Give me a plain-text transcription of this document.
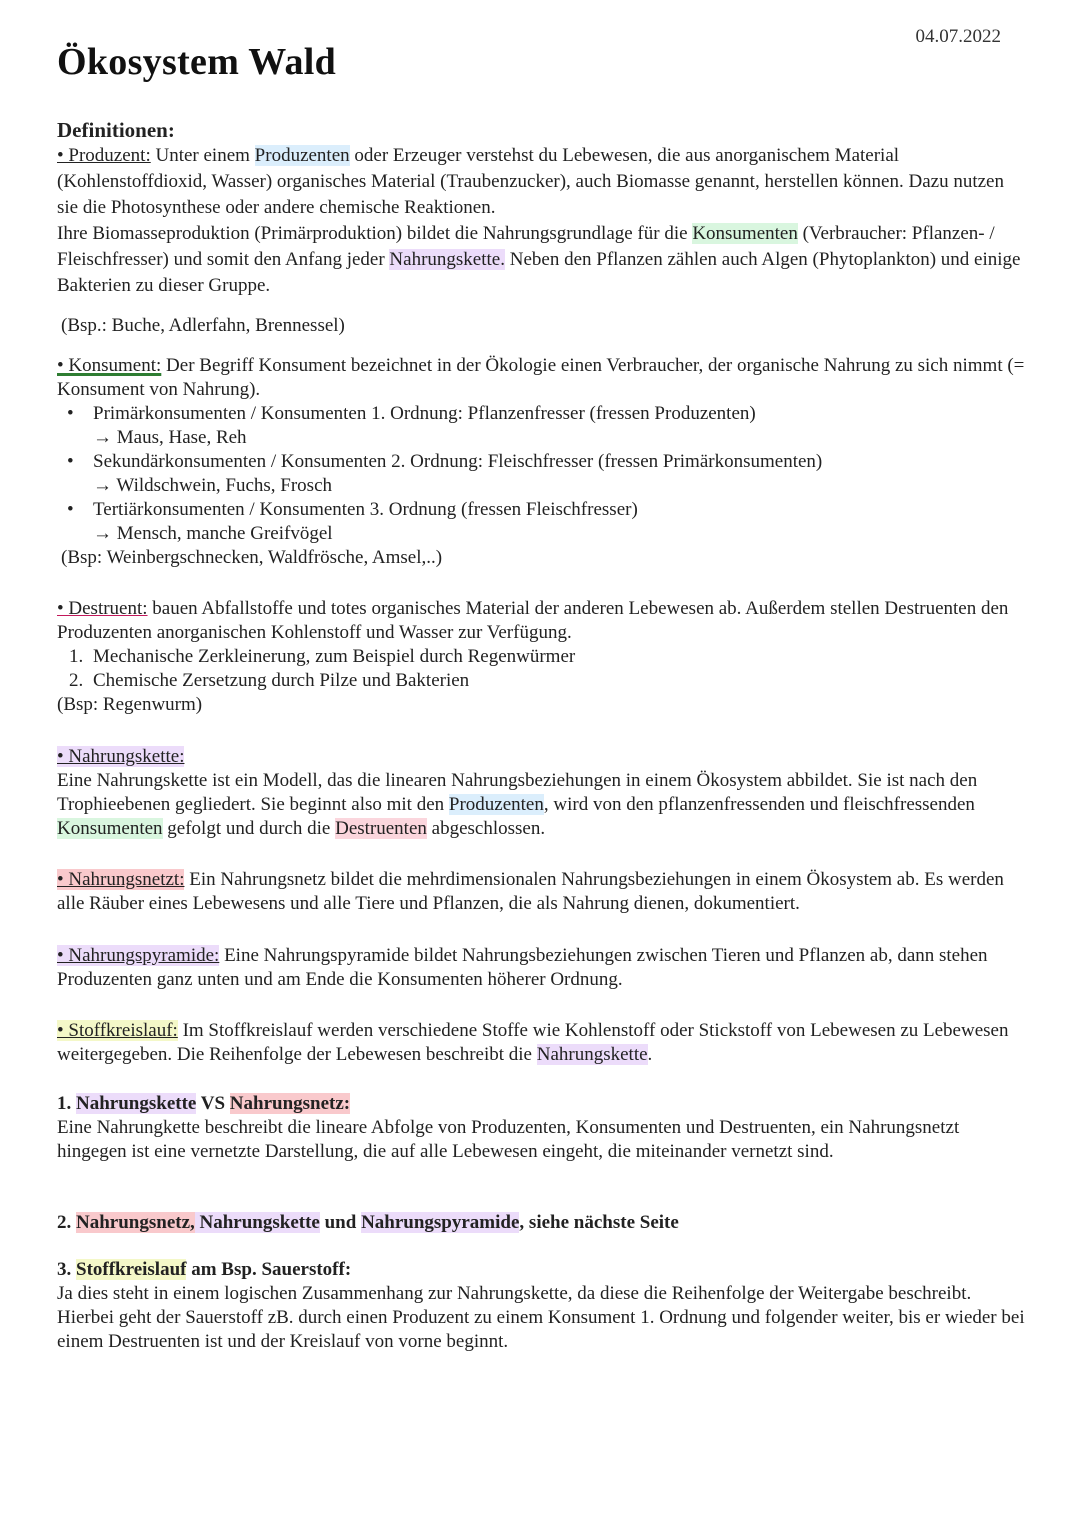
04.07.2022
Ökosystem Wald

Definitionen:

• Produzent: Unter einem Produzenten oder Erzeuger verstehst du Lebewesen, die aus anorganischem Material (Kohlenstoffdioxid, Wasser) organisches Material (Traubenzucker), auch Biomasse genannt, herstellen können. Dazu nutzen sie die Photosynthese oder andere chemische Reaktionen.
Ihre Biomasseproduktion (Primärproduktion) bildet die Nahrungsgrundlage für die Konsumenten (Verbraucher: Pflanzen- / Fleischfresser) und somit den Anfang jeder Nahrungskette. Neben den Pflanzen zählen auch Algen (Phytoplankton) und einige Bakterien zu dieser Gruppe.

(Bsp.: Buche, Adlerfahn, Brennessel)

• Konsument: Der Begriff Konsument bezeichnet in der Ökologie einen Verbraucher, der organische Nahrung zu sich nimmt (= Konsument von Nahrung).

• Primärkonsumenten / Konsumenten 1. Ordnung: Pflanzenfresser (fressen Produzenten)
→ Maus, Hase, Reh
• Sekundärkonsumenten / Konsumenten 2. Ordnung: Fleischfresser (fressen Primärkonsumenten)
→ Wildschwein, Fuchs, Frosch
• Tertiärkonsumenten / Konsumenten 3. Ordnung (fressen Fleischfresser)
→ Mensch, manche Greifvögel

(Bsp: Weinbergschnecken, Waldfrösche, Amsel,..)

• Destruent: bauen Abfallstoffe und totes organisches Material der anderen Lebewesen ab. Außerdem stellen Destruenten den Produzenten anorganischen Kohlenstoff und Wasser zur Verfügung.

1. Mechanische Zerkleinerung, zum Beispiel durch Regenwürmer
2. Chemische Zersetzung durch Pilze und Bakterien

(Bsp: Regenwurm)

• Nahrungskette:

Eine Nahrungskette ist ein Modell, das die linearen Nahrungsbeziehungen in einem Ökosystem abbildet. Sie ist nach den Trophieebenen gegliedert. Sie beginnt also mit den Produzenten, wird von den pflanzenfressenden und fleischfressenden Konsumenten gefolgt und durch die Destruenten abgeschlossen.

• Nahrungsnetzt: Ein Nahrungsnetz bildet die mehrdimensionalen Nahrungsbeziehungen in einem Ökosystem ab. Es werden alle Räuber eines Lebewesens und alle Tiere und Pflanzen, die als Nahrung dienen, dokumentiert.

• Nahrungspyramide: Eine Nahrungspyramide bildet Nahrungsbeziehungen zwischen Tieren und Pflanzen ab, dann stehen Produzenten ganz unten und am Ende die Konsumenten höherer Ordnung.

• Stoffkreislauf: Im Stoffkreislauf werden verschiedene Stoffe wie Kohlenstoff oder Stickstoff von Lebewesen zu Lebewesen weitergegeben. Die Reihenfolge der Lebewesen beschreibt die Nahrungskette.

1. Nahrungskette VS Nahrungsnetz:

Eine Nahrungkette beschreibt die lineare Abfolge von Produzenten, Konsumenten und Destruenten, ein Nahrungsnetzt hingegen ist eine vernetzte Darstellung, die auf alle Lebewesen eingeht, die miteinander vernetzt sind.

2. Nahrungsnetz, Nahrungskette und Nahrungspyramide, siehe nächste Seite

3. Stoffkreislauf am Bsp. Sauerstoff:

Ja dies steht in einem logischen Zusammenhang zur Nahrungskette, da diese die Reihenfolge der Weitergabe beschreibt. Hierbei geht der Sauerstoff zB. durch einen Produzent zu einem Konsument 1. Ordnung und folgender weiter, bis er wieder bei einem Destruenten ist und der Kreislauf von vorne beginnt.
